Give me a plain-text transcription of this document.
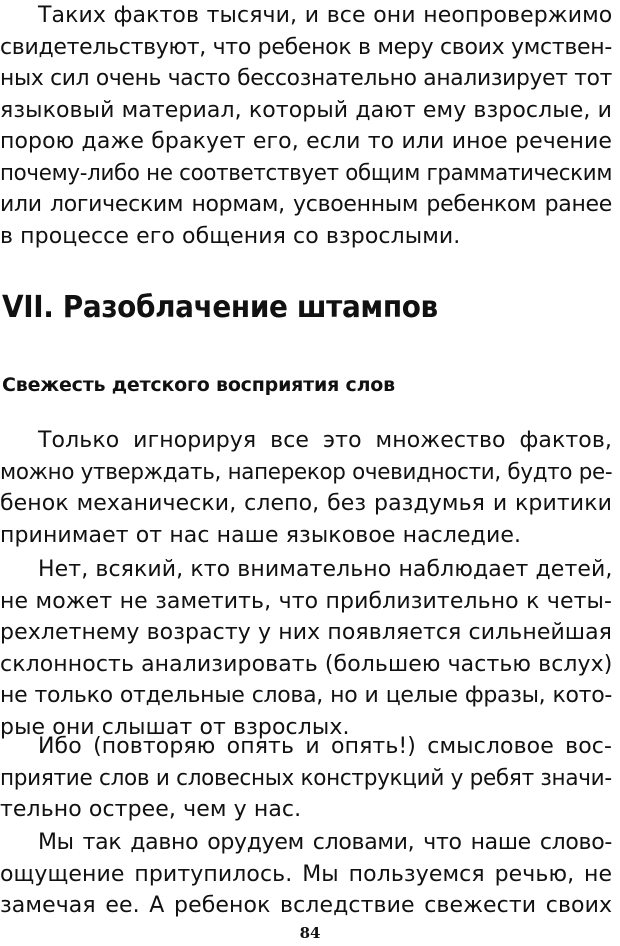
Таких фактов тысячи, и все они неопровержимо
свидетельствуют, что ребенок в меру своих умствен-
ных сил очень часто бессознательно анализирует тот
языковый материал, который дают ему взрослые, и
порою даже бракует его, если то или иное речение
почему-либо не соответствует общим грамматическим
или логическим нормам, усвоенным ребенком ранее
в процессе его общения со взрослыми.
VII. Разоблачение штампов
Свежесть детского восприятия слов
Только игнорируя все это множество фактов,
можно утверждать, наперекор очевидности, будто ре-
бенок механически, слепо, без раздумья и критики
принимает от нас наше языковое наследие.
Нет, всякий, кто внимательно наблюдает детей,
не может не заметить, что приблизительно к четы-
рехлетнему возрасту у них появляется сильнейшая
склонность анализировать (большею частью вслух)
не только отдельные слова, но и целые фразы, кото-
рые они слышат от взрослых.
Ибо (повторяю опять и опять!) смысловое вос-
приятие слов и словесных конструкций у ребят значи-
тельно острее, чем у нас.
Мы так давно орудуем словами, что наше слово-
ощущение притупилось. Мы пользуемся речью, не
замечая ее. А ребенок вследствие свежести своих
84
